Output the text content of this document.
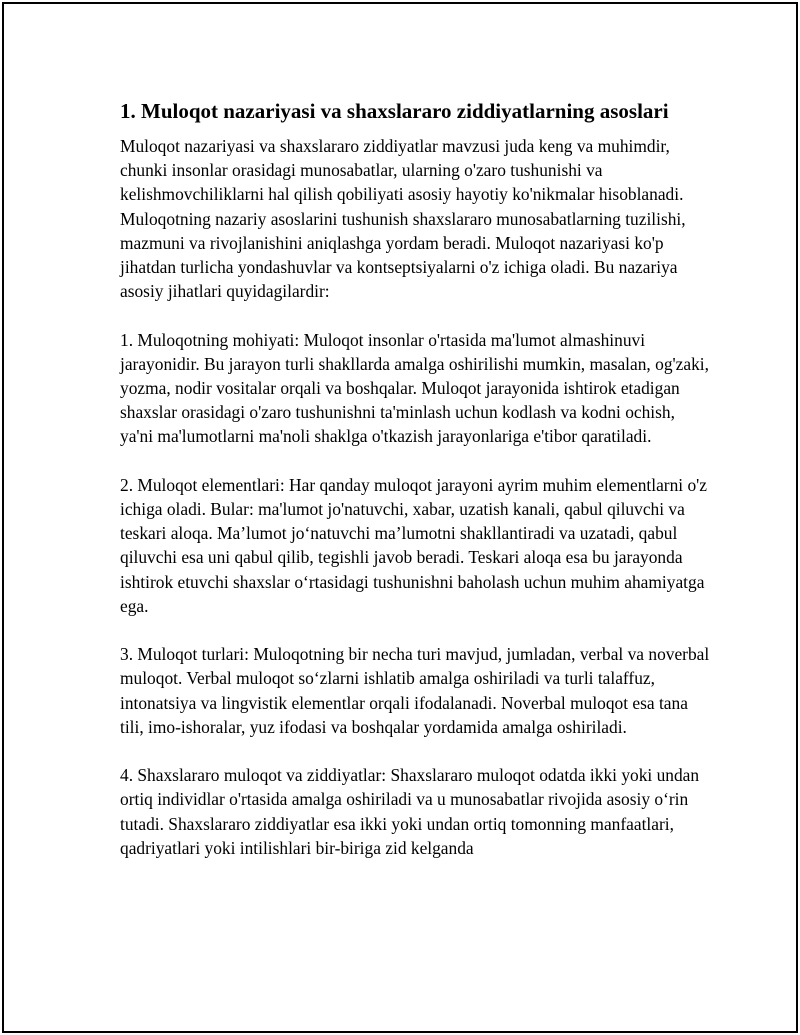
1. Muloqot nazariyasi va shaxslararo ziddiyatlarning asoslari

Muloqot nazariyasi va shaxslararo ziddiyatlar mavzusi juda keng va muhimdir, chunki insonlar orasidagi munosabatlar, ularning o'zaro tushunishi va kelishmovchiliklarni hal qilish qobiliyati asosiy hayotiy ko'nikmalar hisoblanadi. Muloqotning nazariy asoslarini tushunish shaxslararo munosabatlarning tuzilishi, mazmuni va rivojlanishini aniqlashga yordam beradi. Muloqot nazariyasi ko'p jihatdan turlicha yondashuvlar va kontseptsiyalarni o'z ichiga oladi. Bu nazariya asosiy jihatlari quyidagilardir:

1. Muloqotning mohiyati: Muloqot insonlar o'rtasida ma'lumot almashinuvi jarayonidir. Bu jarayon turli shakllarda amalga oshirilishi mumkin, masalan, og'zaki, yozma, nodir vositalar orqali va boshqalar. Muloqot jarayonida ishtirok etadigan shaxslar orasidagi o'zaro tushunishni ta'minlash uchun kodlash va kodni ochish, ya'ni ma'lumotlarni ma'noli shaklga o'tkazish jarayonlariga e'tibor qaratiladi.

2. Muloqot elementlari: Har qanday muloqot jarayoni ayrim muhim elementlarni o'z ichiga oladi. Bular: ma'lumot jo'natuvchi, xabar, uzatish kanali, qabul qiluvchi va teskari aloqa. Ma’lumot jo‘natuvchi ma’lumotni shakllantiradi va uzatadi, qabul qiluvchi esa uni qabul qilib, tegishli javob beradi. Teskari aloqa esa bu jarayonda ishtirok etuvchi shaxslar o‘rtasidagi tushunishni baholash uchun muhim ahamiyatga ega.

3. Muloqot turlari: Muloqotning bir necha turi mavjud, jumladan, verbal va noverbal muloqot. Verbal muloqot so‘zlarni ishlatib amalga oshiriladi va turli talaffuz, intonatsiya va lingvistik elementlar orqali ifodalanadi. Noverbal muloqot esa tana tili, imo-ishoralar, yuz ifodasi va boshqalar yordamida amalga oshiriladi.

4. Shaxslararo muloqot va ziddiyatlar: Shaxslararo muloqot odatda ikki yoki undan ortiq individlar o'rtasida amalga oshiriladi va u munosabatlar rivojida asosiy o‘rin tutadi. Shaxslararo ziddiyatlar esa ikki yoki undan ortiq tomonning manfaatlari, qadriyatlari yoki intilishlari bir-biriga zid kelganda
